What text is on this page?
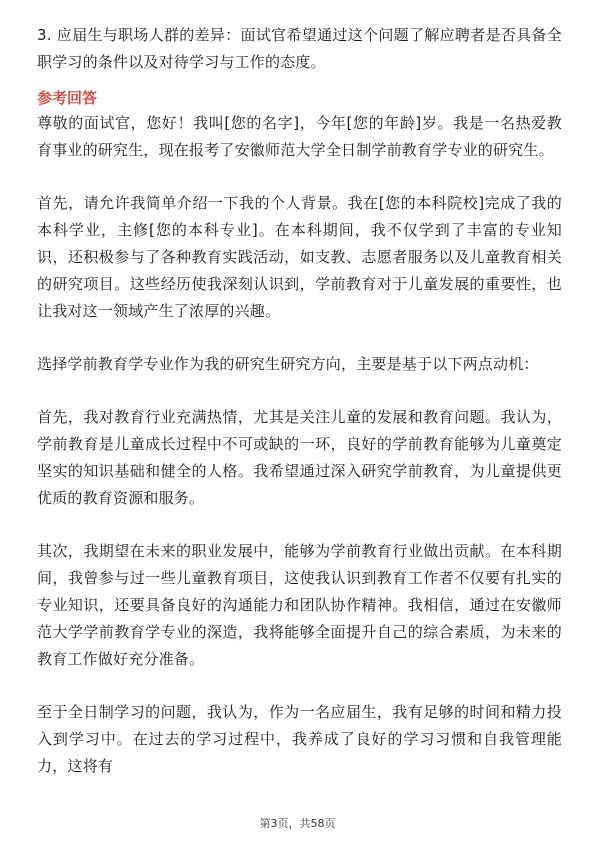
3. 应届生与职场人群的差异：面试官希望通过这个问题了解应聘者是否具备全职学习的条件以及对待学习与工作的态度。

参考回答

尊敬的面试官，您好！我叫[您的名字]，今年[您的年龄]岁。我是一名热爱教育事业的研究生，现在报考了安徽师范大学全日制学前教育学专业的研究生。

首先，请允许我简单介绍一下我的个人背景。我在[您的本科院校]完成了我的本科学业，主修[您的本科专业]。在本科期间，我不仅学到了丰富的专业知识，还积极参与了各种教育实践活动，如支教、志愿者服务以及儿童教育相关的研究项目。这些经历使我深刻认识到，学前教育对于儿童发展的重要性，也让我对这一领域产生了浓厚的兴趣。

选择学前教育学专业作为我的研究生研究方向，主要是基于以下两点动机：

首先，我对教育行业充满热情，尤其是关注儿童的发展和教育问题。我认为，学前教育是儿童成长过程中不可或缺的一环，良好的学前教育能够为儿童奠定坚实的知识基础和健全的人格。我希望通过深入研究学前教育，为儿童提供更优质的教育资源和服务。

其次，我期望在未来的职业发展中，能够为学前教育行业做出贡献。在本科期间，我曾参与过一些儿童教育项目，这使我认识到教育工作者不仅要有扎实的专业知识，还要具备良好的沟通能力和团队协作精神。我相信，通过在安徽师范大学学前教育学专业的深造，我将能够全面提升自己的综合素质，为未来的教育工作做好充分准备。

至于全日制学习的问题，我认为，作为一名应届生，我有足够的时间和精力投入到学习中。在过去的学习过程中，我养成了良好的学习习惯和自我管理能力，这将有

第3页，共58页
